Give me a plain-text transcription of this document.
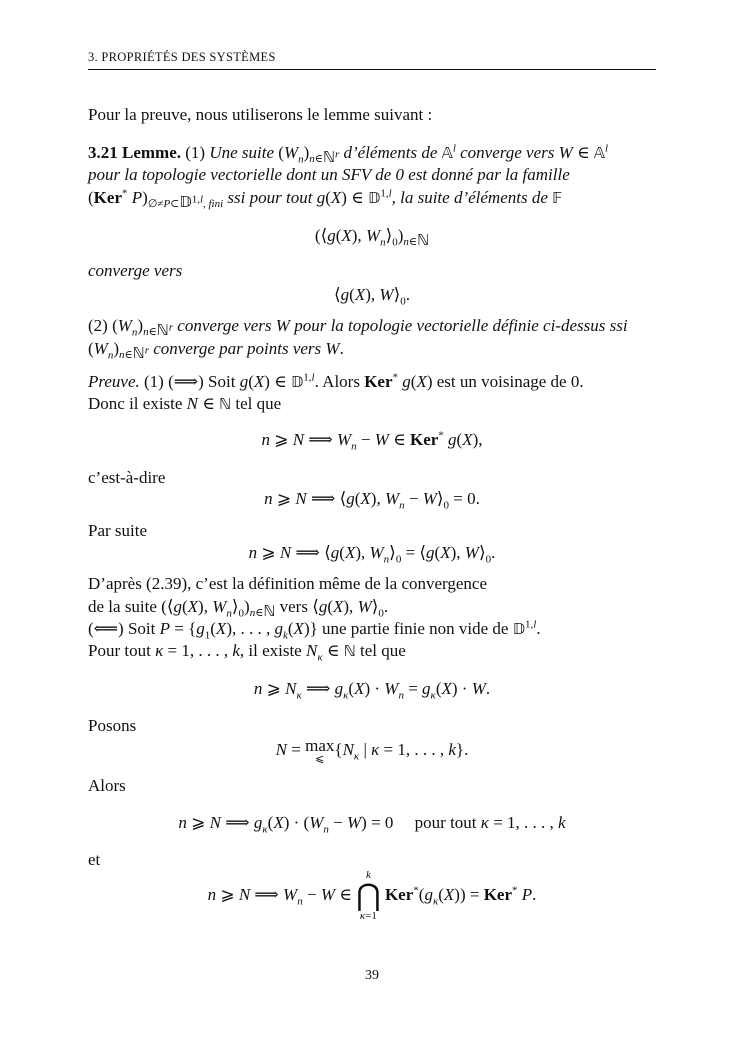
3. PROPRIÉTÉS DES SYSTÈMES
Pour la preuve, nous utiliserons le lemme suivant :
3.21 Lemme. (1) Une suite $(W_n)_{n\in ℕ^r}$ d’éléments de 𝔸$^l$ converge vers W ∈ 𝔸$^l$
pour la topologie vectorielle dont un SFV de 0 est donné par la famille
(Ker* $P)_{\emptyset\ne P\subset 𝔻^{1,l}, fini}$ ssi pour tout g(X) ∈ 𝔻$^{1,l}$, la suite d’éléments de 𝔽
(⟨g(X), $W_n⟩_0)_{n\in ℕ}$
converge vers
⟨g(X), $W⟩_0$.
(2) $(W_n)_{n\in ℕ^r}$ converge vers W pour la topologie vectorielle définie ci-dessus ssi
$(W_n)_{n\in ℕ^r}$ converge par points vers W.
Preuve. (1) (⟹) Soit g(X) ∈ 𝔻$^{1,l}$. Alors Ker* g(X) est un voisinage de 0.
Donc il existe N ∈ ℕ tel que
n ⩾ N ⟹ $W_n - W$ ∈ Ker* g(X),
c’est-à-dire
n ⩾ N ⟹ ⟨g(X), $W_n$ − $W⟩_0 = 0$.
Par suite
n ⩾ N ⟹ ⟨g(X), $W_n⟩_0$ = ⟨g(X), $W⟩_0$.
D’après (2.39), c’est la définition même de la convergence
de la suite (⟨g(X), $W_n⟩_0)_{n\in ℕ}$ vers ⟨g(X), $W⟩_0$.
(⟸) Soit $P = \{g_1(X)$, . . . , $g_k(X)$} une partie finie non vide de 𝔻$^{1,l}$.
Pour tout κ = 1, . . . , k, il existe $N_\kappa$ ∈ ℕ tel que
n ⩾ $N_\kappa$ ⟹ $g_\kappa(X) \cdot W_n = g_\kappa(X) \cdot W$.
Posons
N = max
⩽
{$N_\kappa$ | κ = 1, . . . , k}.
Alors
n ⩾ N ⟹ $g_\kappa(X) \cdot (W_n - W) = 0$     pour tout κ = 1, . . . , k
et
n ⩾ N ⟹ $W_n - W$ ∈
k
⋂
κ=1
$Ker^*(g_\kappa(X)) = Ker^*$ P.
39
